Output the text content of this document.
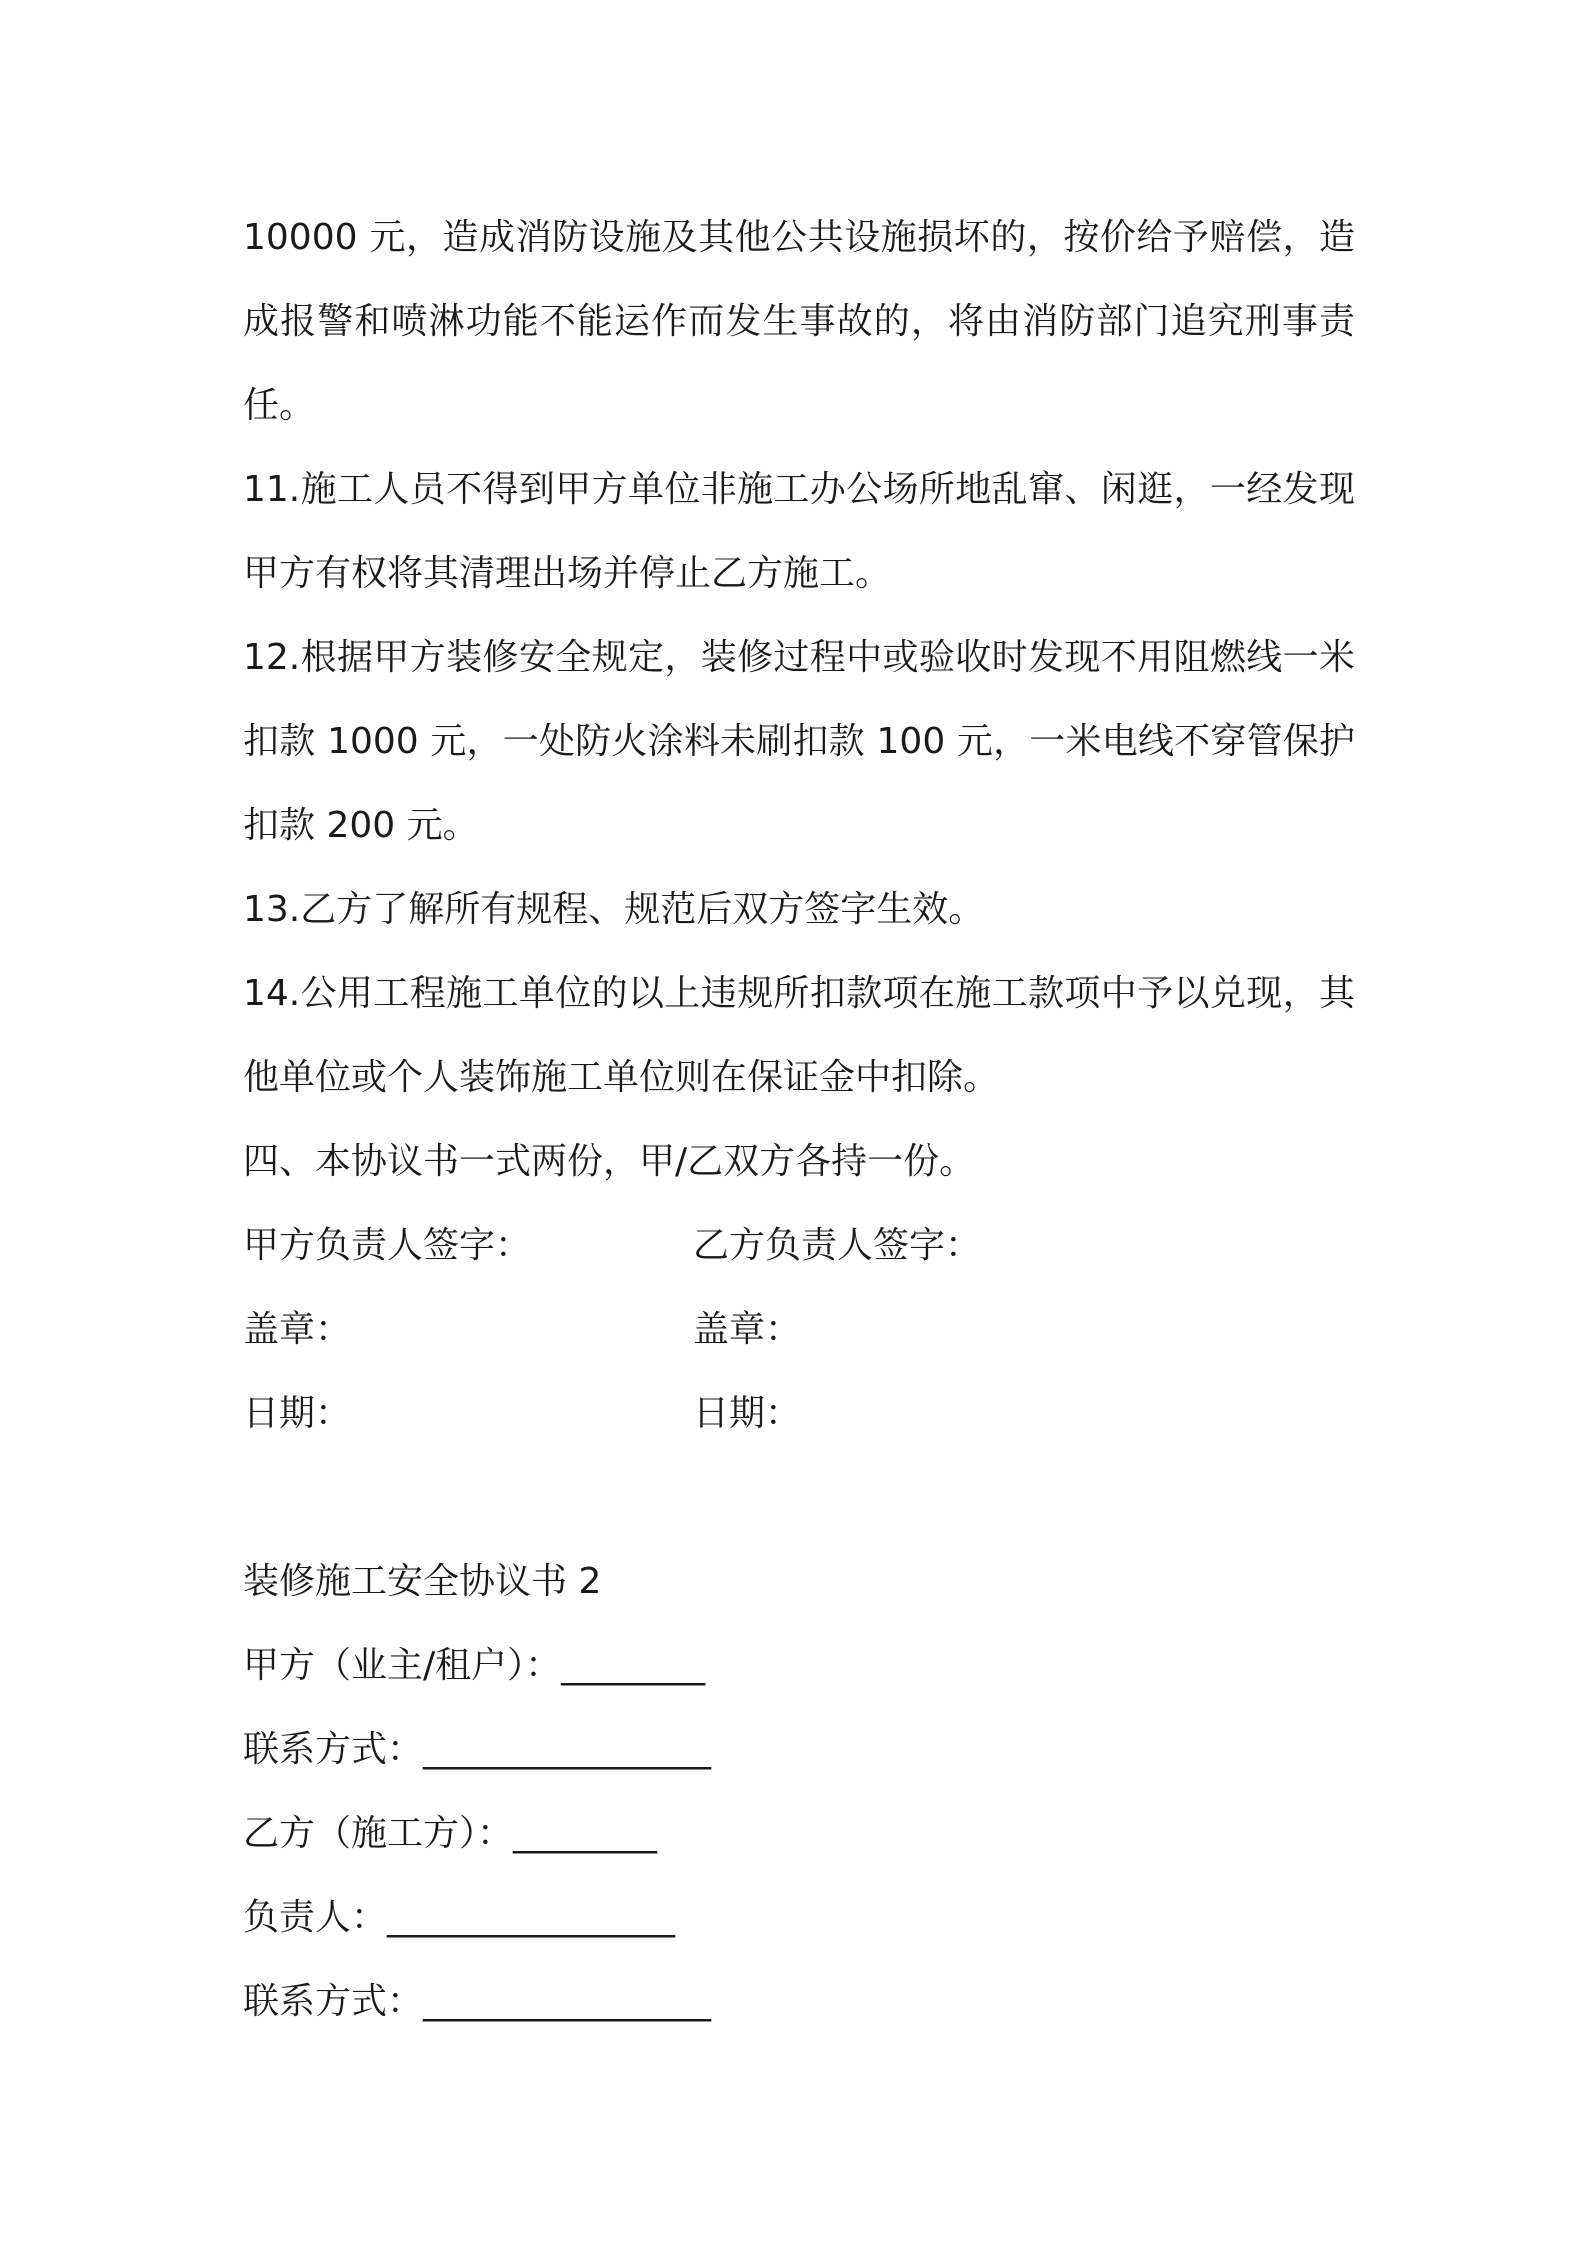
10000 元，造成消防设施及其他公共设施损坏的，按价给予赔偿，造成报警和喷淋功能不能运作而发生事故的，将由消防部门追究刑事责任。

11.施工人员不得到甲方单位非施工办公场所地乱窜、闲逛，一经发现甲方有权将其清理出场并停止乙方施工。

12.根据甲方装修安全规定，装修过程中或验收时发现不用阻燃线一米扣款 1000 元，一处防火涂料未刷扣款 100 元，一米电线不穿管保护扣款 200 元。

13.乙方了解所有规程、规范后双方签字生效。

14.公用工程施工单位的以上违规所扣款项在施工款项中予以兑现，其他单位或个人装饰施工单位则在保证金中扣除。

四、本协议书一式两份，甲/乙双方各持一份。

甲方负责人签字：	乙方负责人签字：
盖章：	盖章：
日期：	日期：
装修施工安全协议书 2
甲方（业主/租户）：________
联系方式：________________
乙方（施工方）：________
负责人：________________
联系方式：________________
